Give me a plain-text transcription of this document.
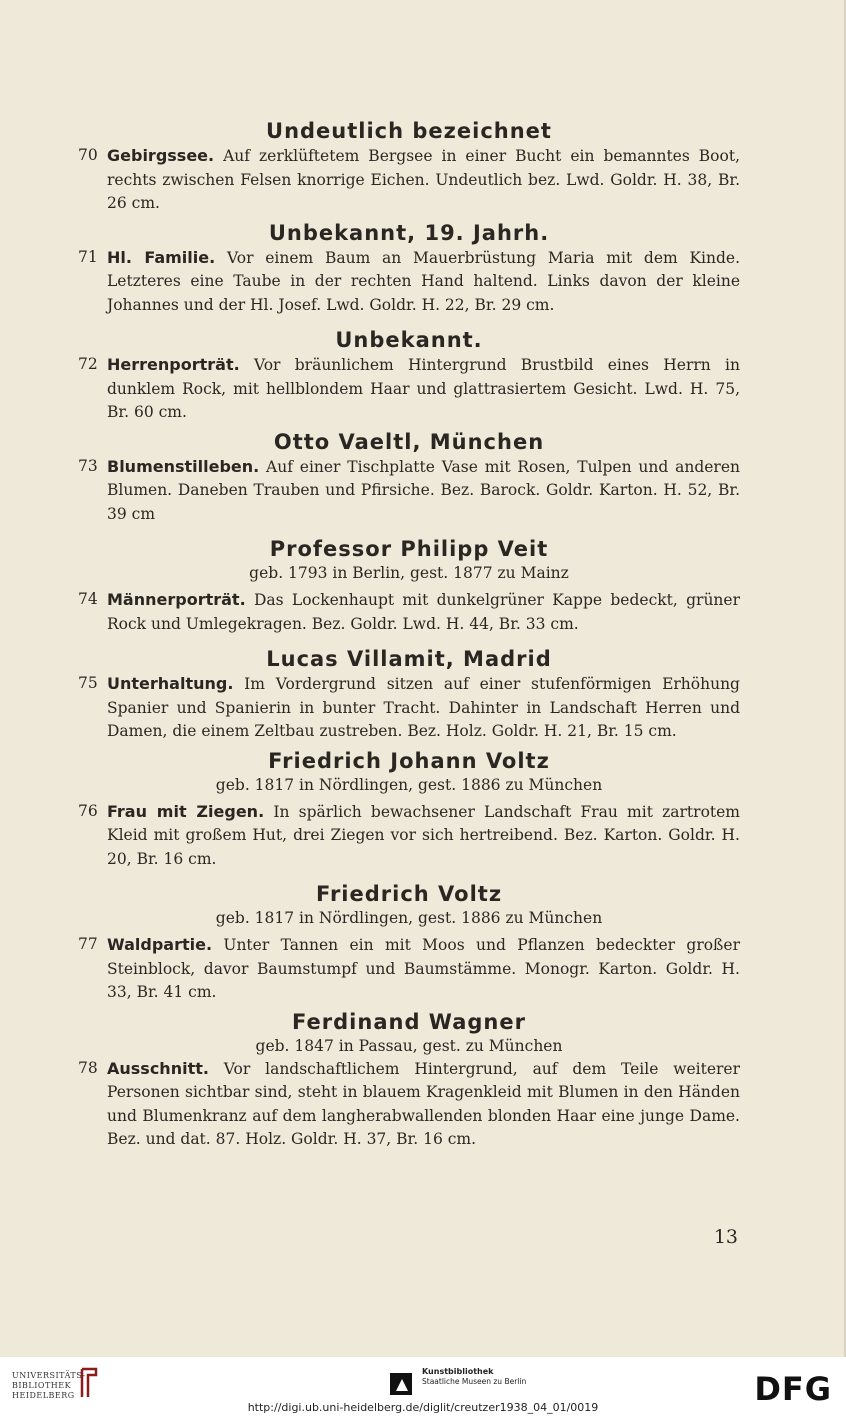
Undeutlich bezeichnet

70 Gebirgssee. Auf zerklüftetem Bergsee in einer Bucht ein bemanntes Boot, rechts zwischen Felsen knorrige Eichen. Undeutlich bez. Lwd. Goldr. H. 38, Br. 26 cm.

Unbekannt, 19. Jahrh.

71 Hl. Familie. Vor einem Baum an Mauerbrüstung Maria mit dem Kinde. Letzteres eine Taube in der rechten Hand haltend. Links davon der kleine Johannes und der Hl. Josef. Lwd. Goldr. H. 22, Br. 29 cm.

Unbekannt.

72 Herrenporträt. Vor bräunlichem Hintergrund Brustbild eines Herrn in dunklem Rock, mit hellblondem Haar und glattrasiertem Gesicht. Lwd. H. 75, Br. 60 cm.

Otto Vaeltl, München

73 Blumenstilleben. Auf einer Tischplatte Vase mit Rosen, Tulpen und anderen Blumen. Daneben Trauben und Pfirsiche. Bez. Barock. Goldr. Karton. H. 52, Br. 39 cm

Professor Philipp Veit

geb. 1793 in Berlin, gest. 1877 zu Mainz

74 Männerporträt. Das Lockenhaupt mit dunkelgrüner Kappe bedeckt, grüner Rock und Umlegekragen. Bez. Goldr. Lwd. H. 44, Br. 33 cm.

Lucas Villamit, Madrid

75 Unterhaltung. Im Vordergrund sitzen auf einer stufenförmigen Erhöhung Spanier und Spanierin in bunter Tracht. Dahinter in Landschaft Herren und Damen, die einem Zeltbau zustreben. Bez. Holz. Goldr. H. 21, Br. 15 cm.

Friedrich Johann Voltz

geb. 1817 in Nördlingen, gest. 1886 zu München

76 Frau mit Ziegen. In spärlich bewachsener Landschaft Frau mit zartrotem Kleid mit großem Hut, drei Ziegen vor sich hertreibend. Bez. Karton. Goldr. H. 20, Br. 16 cm.

Friedrich Voltz

geb. 1817 in Nördlingen, gest. 1886 zu München

77 Waldpartie. Unter Tannen ein mit Moos und Pflanzen bedeckter großer Steinblock, davor Baumstumpf und Baumstämme. Monogr. Karton. Goldr. H. 33, Br. 41 cm.

Ferdinand Wagner

geb. 1847 in Passau, gest. zu München

78 Ausschnitt. Vor landschaftlichem Hintergrund, auf dem Teile weiterer Personen sichtbar sind, steht in blauem Kragenkleid mit Blumen in den Händen und Blumenkranz auf dem langherabwallenden blonden Haar eine junge Dame. Bez. und dat. 87. Holz. Goldr. H. 37, Br. 16 cm.

13
UNIVERSITÄTS-
BIBLIOTHEK
HEIDELBERG
Kunstbibliothek
Staatliche Museen zu Berlin	DFG
http://digi.ub.uni-heidelberg.de/diglit/creutzer1938_04_01/0019
